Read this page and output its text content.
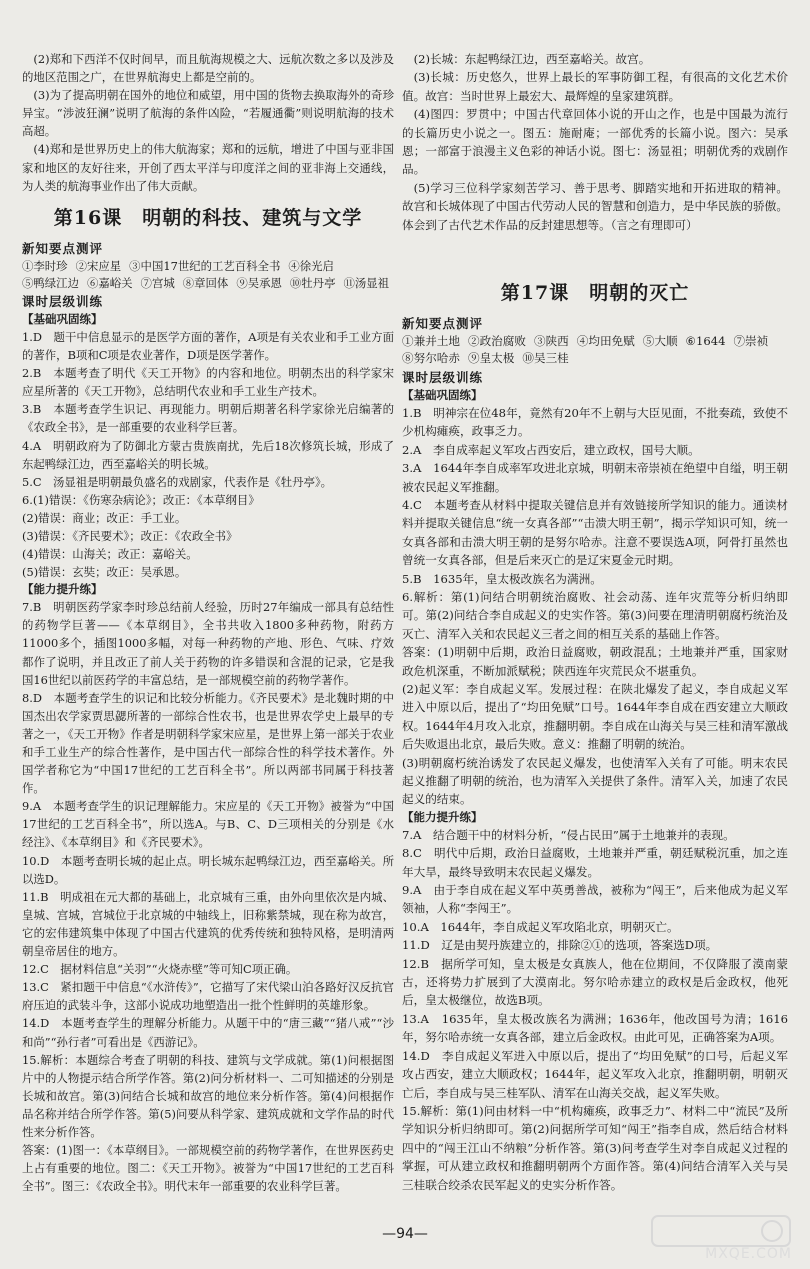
(2)郑和下西洋不仅时间早，而且航海规模之大、远航次数之多以及涉及的地区范围之广，在世界航海史上都是空前的。

(3)为了提高明朝在国外的地位和威望，用中国的货物去换取海外的奇珍异宝。“涉波狂澜”说明了航海的条件凶险，“若履通衢”则说明航海的技术高超。

(4)郑和是世界历史上的伟大航海家；郑和的远航，增进了中国与亚非国家和地区的友好往来，开创了西太平洋与印度洋之间的亚非海上交通线，为人类的航海事业作出了伟大贡献。

第16课　明朝的科技、建筑与文学
新知要点测评
①李时珍 ②宋应星 ③中国17世纪的工艺百科全书 ④徐光启
⑤鸭绿江边 ⑥嘉峪关 ⑦宫城 ⑧章回体 ⑨吴承恩 ⑩牡丹亭 ⑪汤显祖
课时层级训练
【基础巩固练】

1.D　题干中信息显示的是医学方面的著作，A项是有关农业和手工业方面的著作，B项和C项是农业著作，D项是医学著作。

2.B　本题考查了明代《天工开物》的内容和地位。明朝杰出的科学家宋应星所著的《天工开物》，总结明代农业和手工业生产技术。

3.B　本题考查学生识记、再现能力。明朝后期著名科学家徐光启编著的《农政全书》，是一部重要的农业科学巨著。

4.A　明朝政府为了防御北方蒙古贵族南扰，先后18次修筑长城，形成了东起鸭绿江边，西至嘉峪关的明长城。

5.C　汤显祖是明朝最负盛名的戏剧家，代表作是《牡丹亭》。

6.(1)错误：《伤寒杂病论》；改正：《本草纲目》

(2)错误：商业；改正：手工业。

(3)错误：《齐民要术》；改正：《农政全书》

(4)错误：山海关；改正：嘉峪关。

(5)错误：玄奘；改正：吴承恩。

【能力提升练】

7.B　明朝医药学家李时珍总结前人经验，历时27年编成一部具有总结性的药物学巨著——《本草纲目》，全书共收入1800多种药物，附药方11000多个，插图1000多幅，对每一种药物的产地、形色、气味、疗效都作了说明，并且改正了前人关于药物的许多错误和含混的记录，它是我国16世纪以前医药学的丰富总结，是一部规模空前的药物学著作。

8.D　本题考查学生的识记和比较分析能力。《齐民要术》是北魏时期的中国杰出农学家贾思勰所著的一部综合性农书，也是世界农学史上最早的专著之一，《天工开物》作者是明朝科学家宋应星，是世界上第一部关于农业和手工业生产的综合性著作，是中国古代一部综合性的科学技术著作。外国学者称它为“中国17世纪的工艺百科全书”。所以两部书同属于科技著作。

9.A　本题考查学生的识记理解能力。宋应星的《天工开物》被誉为“中国17世纪的工艺百科全书”，所以选A。与B、C、D三项相关的分别是《水经注》、《本草纲目》和《齐民要术》。

10.D　本题考查明长城的起止点。明长城东起鸭绿江边，西至嘉峪关。所以选D。

11.B　明成祖在元大都的基础上，北京城有三重，由外向里依次是内城、皇城、宫城，宫城位于北京城的中轴线上，旧称紫禁城，现在称为故宫，它的宏伟建筑集中体现了中国古代建筑的优秀传统和独特风格，是明清两朝皇帝居住的地方。

12.C　据材料信息“关羽”“火烧赤壁”等可知C项正确。

13.C　紧扣题干中信息“《水浒传》”，它描写了宋代梁山泊各路好汉反抗官府压迫的武装斗争，这部小说成功地塑造出一批个性鲜明的英雄形象。

14.D　本题考查学生的理解分析能力。从题干中的“唐三藏”“猪八戒”“沙和尚”“孙行者”可看出是《西游记》。

15.解析：本题综合考查了明朝的科技、建筑与文学成就。第(1)问根据图片中的人物提示结合所学作答。第(2)问分析材料一、二可知描述的分别是长城和故宫。第(3)问结合长城和故宫的地位来分析作答。第(4)问根据作品名称并结合所学作答。第(5)问要从科学家、建筑成就和文学作品的时代性来分析作答。

答案：(1)图一：《本草纲目》。一部规模空前的药物学著作，在世界医药史上占有重要的地位。图二：《天工开物》。被誉为“中国17世纪的工艺百科全书”。图三：《农政全书》。明代末年一部重要的农业科学巨著。

(2)长城：东起鸭绿江边，西至嘉峪关。故宫。

(3)长城：历史悠久，世界上最长的军事防御工程，有很高的文化艺术价值。故宫：当时世界上最宏大、最辉煌的皇家建筑群。

(4)图四：罗贯中；中国古代章回体小说的开山之作，也是中国最为流行的长篇历史小说之一。图五：施耐庵；一部优秀的长篇小说。图六：吴承恩；一部富于浪漫主义色彩的神话小说。图七：汤显祖；明朝优秀的戏剧作品。

(5)学习三位科学家刻苦学习、善于思考、脚踏实地和开拓进取的精神。故宫和长城体现了中国古代劳动人民的智慧和创造力，是中华民族的骄傲。体会到了古代艺术作品的反封建思想等。（言之有理即可）

第17课　明朝的灭亡
新知要点测评
①兼并土地 ②政治腐败 ③陕西 ④均田免赋 ⑤大顺 ⑥1644 ⑦崇祯
⑧努尔哈赤 ⑨皇太极 ⑩吴三桂
课时层级训练
【基础巩固练】

1.B　明神宗在位48年，竟然有20年不上朝与大臣见面，不批奏疏，致使不少机构瘫痪，政事乏力。

2.A　李自成率起义军攻占西安后，建立政权，国号大顺。

3.A　1644年李自成率军攻进北京城，明朝末帝崇祯在绝望中自缢，明王朝被农民起义军推翻。

4.C　本题考查从材料中提取关键信息并有效链接所学知识的能力。通读材料并提取关键信息“统一女真各部”“击溃大明王朝”，揭示学知识可知，统一女真各部和击溃大明王朝的是努尔哈赤。注意不要误选A项，阿骨打虽然也曾统一女真各部，但是后来灭亡的是辽宋夏金元时期。

5.B　1635年，皇太极改族名为满洲。

6.解析：第(1)问结合明朝统治腐败、社会动荡、连年灾荒等分析归纳即可。第(2)问结合李自成起义的史实作答。第(3)问要在理清明朝腐朽统治及灭亡、清军入关和农民起义三者之间的相互关系的基础上作答。

答案：(1)明朝中后期，政治日益腐败，朝政混乱；土地兼并严重，国家财政危机深重，不断加派赋税；陕西连年灾荒民众不堪重负。

(2)起义军：李自成起义军。发展过程：在陕北爆发了起义，李自成起义军进入中原以后，提出了“均田免赋”口号。1644年李自成在西安建立大顺政权。1644年4月攻入北京，推翻明朝。李自成在山海关与吴三桂和清军激战后失败退出北京，最后失败。意义：推翻了明朝的统治。

(3)明朝腐朽统治诱发了农民起义爆发，也使清军入关有了可能。明末农民起义推翻了明朝的统治，也为清军入关提供了条件。清军入关，加速了农民起义的结束。

【能力提升练】

7.A　结合题干中的材料分析，“侵占民田”属于土地兼并的表现。

8.C　明代中后期，政治日益腐败，土地兼并严重，朝廷赋税沉重，加之连年大旱，最终导致明末农民起义爆发。

9.A　由于李自成在起义军中英勇善战，被称为“闯王”，后来他成为起义军领袖，人称“李闯王”。

10.A　1644年，李自成起义军攻陷北京，明朝灭亡。

11.D　辽是由契丹族建立的，排除②①的选项，答案选D项。

12.B　据所学可知，皇太极是女真族人，他在位期间，不仅降服了漠南蒙古，还将势力扩展到了大漠南北。努尔哈赤建立的政权是后金政权，他死后，皇太极继位，故选B项。

13.A　1635年，皇太极改族名为满洲；1636年，他改国号为清；1616年，努尔哈赤统一女真各部，建立后金政权。由此可见，正确答案为A项。

14.D　李自成起义军进入中原以后，提出了“均田免赋”的口号，后起义军攻占西安，建立大顺政权；1644年，起义军攻入北京，推翻明朝，明朝灭亡后，李自成与吴三桂军队、清军在山海关交战，起义军失败。

15.解析：第(1)问由材料一中“机构瘫痪，政事乏力”、材料二中“流民”及所学知识分析归纳即可。第(2)问据所学可知“闯王”指李自成，然后结合材料四中的“闯王江山不纳粮”分析作答。第(3)问考查学生对李自成起义过程的掌握，可从建立政权和推翻明朝两个方面作答。第(4)问结合清军入关与吴三桂联合绞杀农民军起义的史实分析作答。

—94—
MXQE.COM
